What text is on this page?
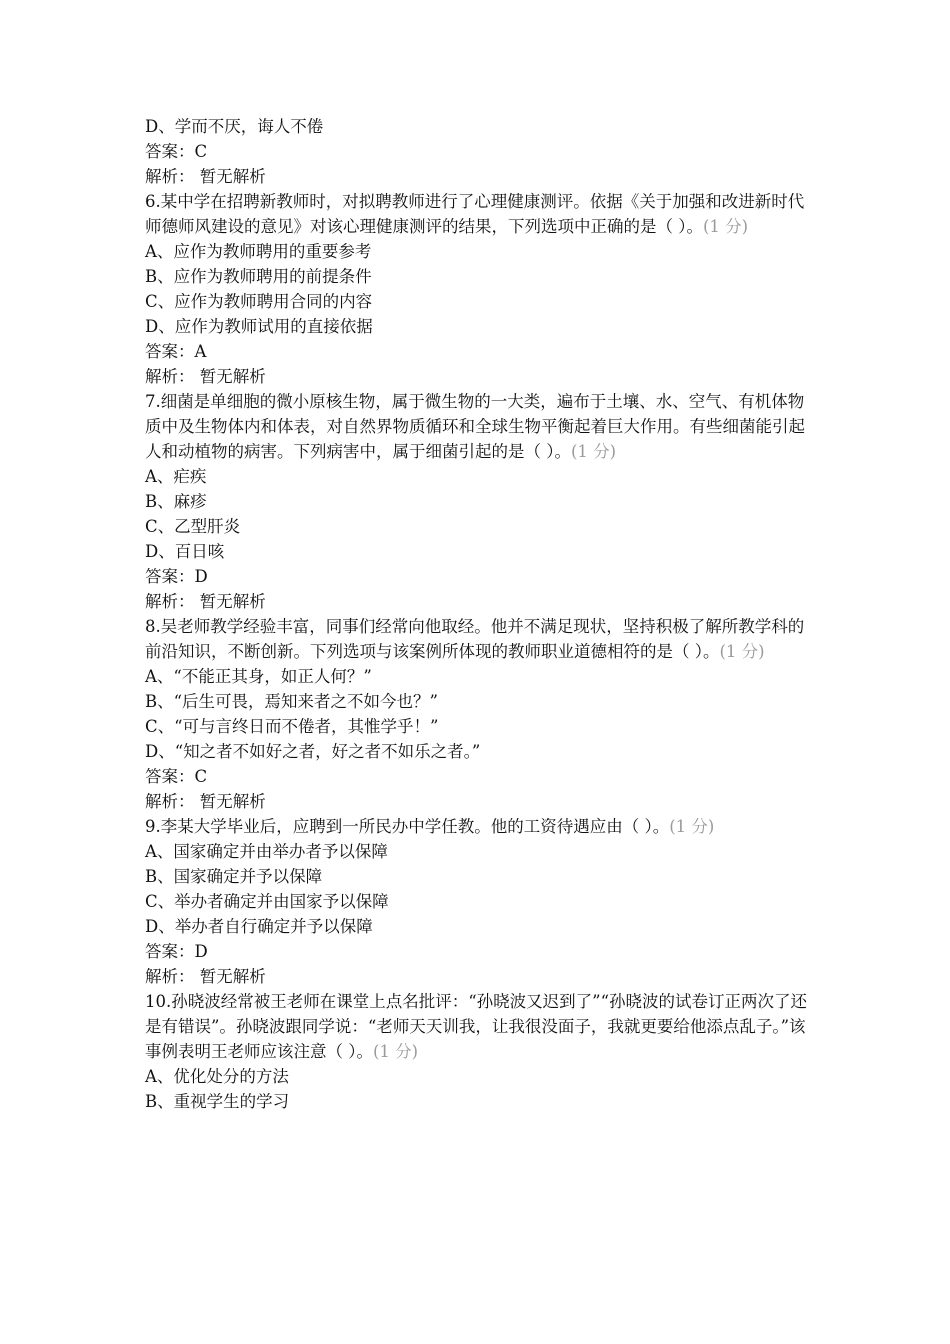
D、学而不厌，诲人不倦
答案：C
解析： 暂无解析
6.某中学在招聘新教师时，对拟聘教师进行了心理健康测评。依据《关于加强和改进新时代师德师风建设的意见》对该心理健康测评的结果，下列选项中正确的是（ ）。(1 分)
A、应作为教师聘用的重要参考
B、应作为教师聘用的前提条件
C、应作为教师聘用合同的内容
D、应作为教师试用的直接依据
答案：A
解析： 暂无解析
7.细菌是单细胞的微小原核生物，属于微生物的一大类，遍布于土壤、水、空气、有机体物质中及生物体内和体表，对自然界物质循环和全球生物平衡起着巨大作用。有些细菌能引起人和动植物的病害。下列病害中，属于细菌引起的是（ ）。(1 分)
A、疟疾
B、麻疹
C、乙型肝炎
D、百日咳
答案：D
解析： 暂无解析
8.吴老师教学经验丰富，同事们经常向他取经。他并不满足现状，坚持积极了解所教学科的前沿知识，不断创新。下列选项与该案例所体现的教师职业道德相符的是（ ）。(1 分)
A、“不能正其身，如正人何？”
B、“后生可畏，焉知来者之不如今也？”
C、“可与言终日而不倦者，其惟学乎！”
D、“知之者不如好之者，好之者不如乐之者。”
答案：C
解析： 暂无解析
9.李某大学毕业后，应聘到一所民办中学任教。他的工资待遇应由（ ）。(1 分)
A、国家确定并由举办者予以保障
B、国家确定并予以保障
C、举办者确定并由国家予以保障
D、举办者自行确定并予以保障
答案：D
解析： 暂无解析
10.孙晓波经常被王老师在课堂上点名批评：“孙晓波又迟到了”“孙晓波的试卷订正两次了还是有错误”。孙晓波跟同学说：“老师天天训我，让我很没面子，我就更要给他添点乱子。”该事例表明王老师应该注意（ ）。(1 分)
A、优化处分的方法
B、重视学生的学习
